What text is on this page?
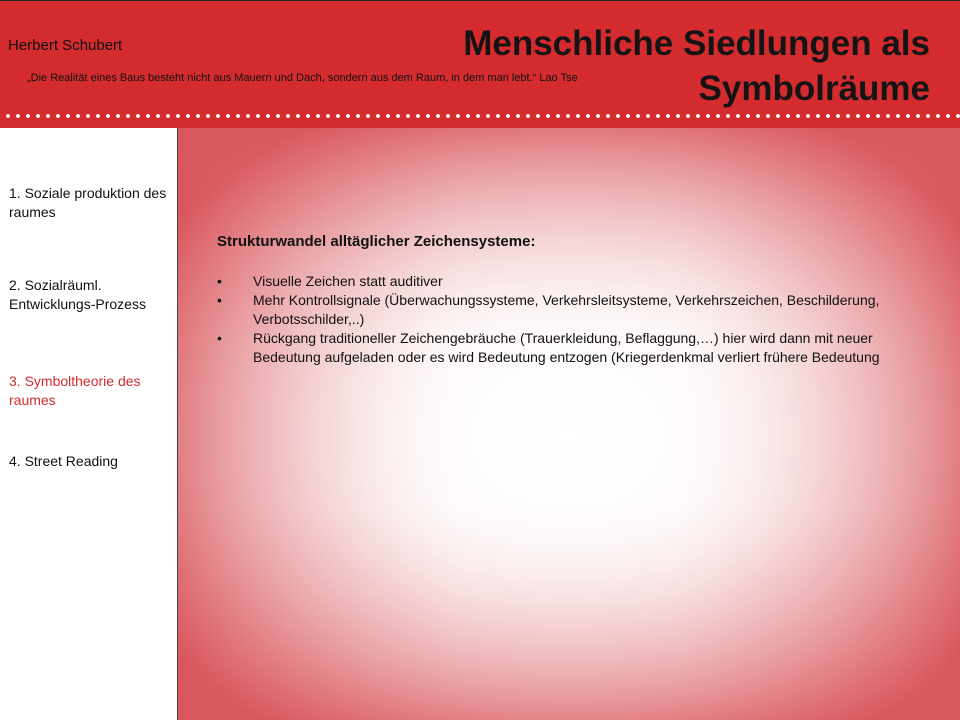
Herbert Schubert
„Die Realität eines Baus besteht nicht aus Mauern und Dach, sondern aus dem Raum, in dem man lebt.“ Lao Tse
Menschliche Siedlungen als Symbolräume
1. Soziale produktion des raumes
2. Sozialräuml. Entwicklungs-Prozess
3. Symboltheorie des raumes
4. Street Reading
Strukturwandel alltäglicher Zeichensysteme:
• Visuelle Zeichen statt auditiver
• Mehr Kontrollsignale (Überwachungssysteme, Verkehrsleitsysteme, Verkehrszeichen, Beschilderung, Verbotsschilder,..)
• Rückgang traditioneller Zeichengebräuche (Trauerkleidung, Beflaggung,…) hier wird dann mit neuer Bedeutung aufgeladen oder es wird Bedeutung entzogen (Kriegerdenkmal verliert frühere Bedeutung
